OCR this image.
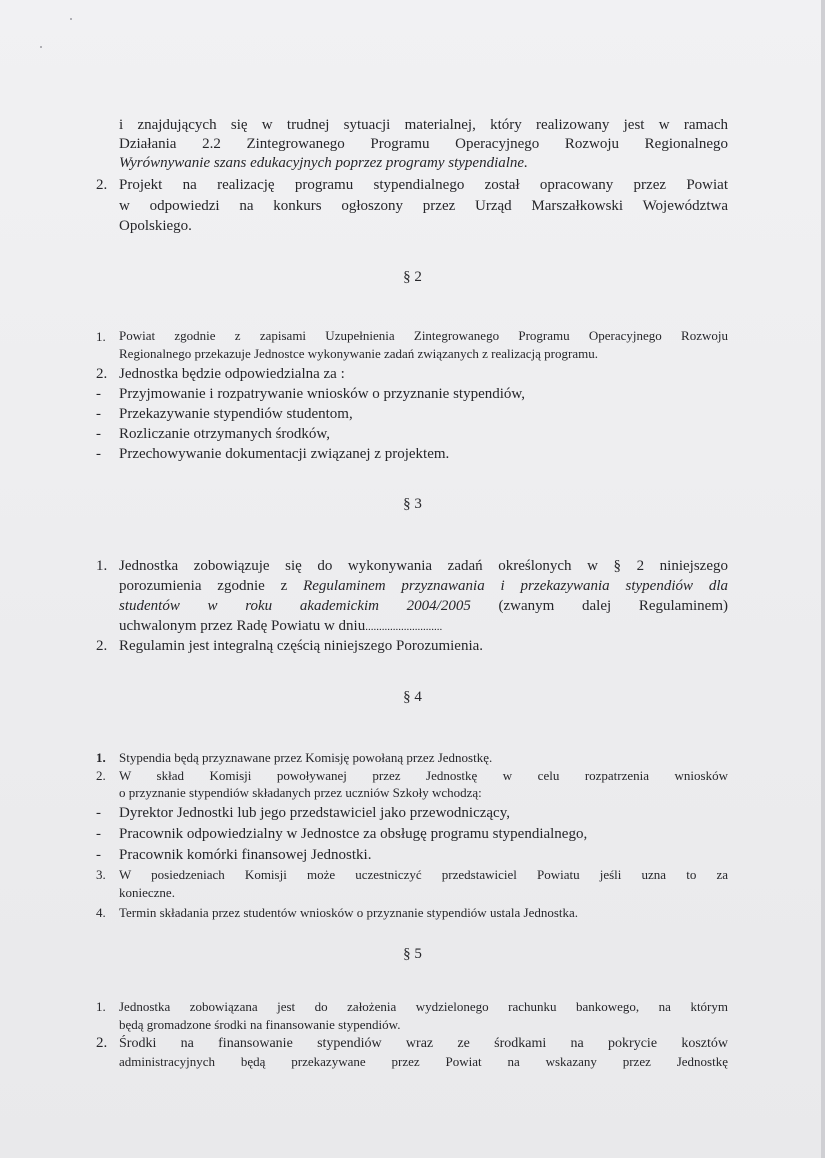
i znajdujących się w trudnej sytuacji materialnej, który realizowany jest w ramach
Działania 2.2 Zintegrowanego Programu Operacyjnego Rozwoju Regionalnego
Wyrównywanie szans edukacyjnych poprzez programy stypendialne.
2. Projekt na realizację programu stypendialnego został opracowany przez Powiat
w odpowiedzi na konkurs ogłoszony przez Urząd Marszałkowski Województwa
Opolskiego.
§ 2
1. Powiat zgodnie z zapisami Uzupełnienia Zintegrowanego Programu Operacyjnego Rozwoju
Regionalnego przekazuje Jednostce wykonywanie zadań związanych z realizacją programu.
2. Jednostka będzie odpowiedzialna za :
- Przyjmowanie i rozpatrywanie wniosków o przyznanie stypendiów,
- Przekazywanie stypendiów studentom,
- Rozliczanie otrzymanych środków,
- Przechowywanie dokumentacji związanej z projektem.
§ 3
1. Jednostka zobowiązuje się do wykonywania zadań określonych w § 2 niniejszego
porozumienia zgodnie z Regulaminem przyznawania i przekazywania stypendiów dla
studentów w roku akademickim 2004/2005 (zwanym dalej Regulaminem)
uchwalonym przez Radę Powiatu w dniu............................
2. Regulamin jest integralną częścią niniejszego Porozumienia.
§ 4
1. Stypendia będą przyznawane przez Komisję powołaną przez Jednostkę.
2. W skład Komisji powoływanej przez Jednostkę w celu rozpatrzenia wniosków
o przyznanie stypendiów składanych przez uczniów Szkoły wchodzą:
- Dyrektor Jednostki lub jego przedstawiciel jako przewodniczący,
- Pracownik odpowiedzialny w Jednostce za obsługę programu stypendialnego,
- Pracownik komórki finansowej Jednostki.
3. W posiedzeniach Komisji może uczestniczyć przedstawiciel Powiatu jeśli uzna to za
konieczne.
4. Termin składania przez studentów wniosków o przyznanie stypendiów ustala Jednostka.
§ 5
1. Jednostka zobowiązana jest do założenia wydzielonego rachunku bankowego, na którym
będą gromadzone środki na finansowanie stypendiów.
2. Środki na finansowanie stypendiów wraz ze środkami na pokrycie kosztów
administracyjnych będą przekazywane przez Powiat na wskazany przez Jednostkę
